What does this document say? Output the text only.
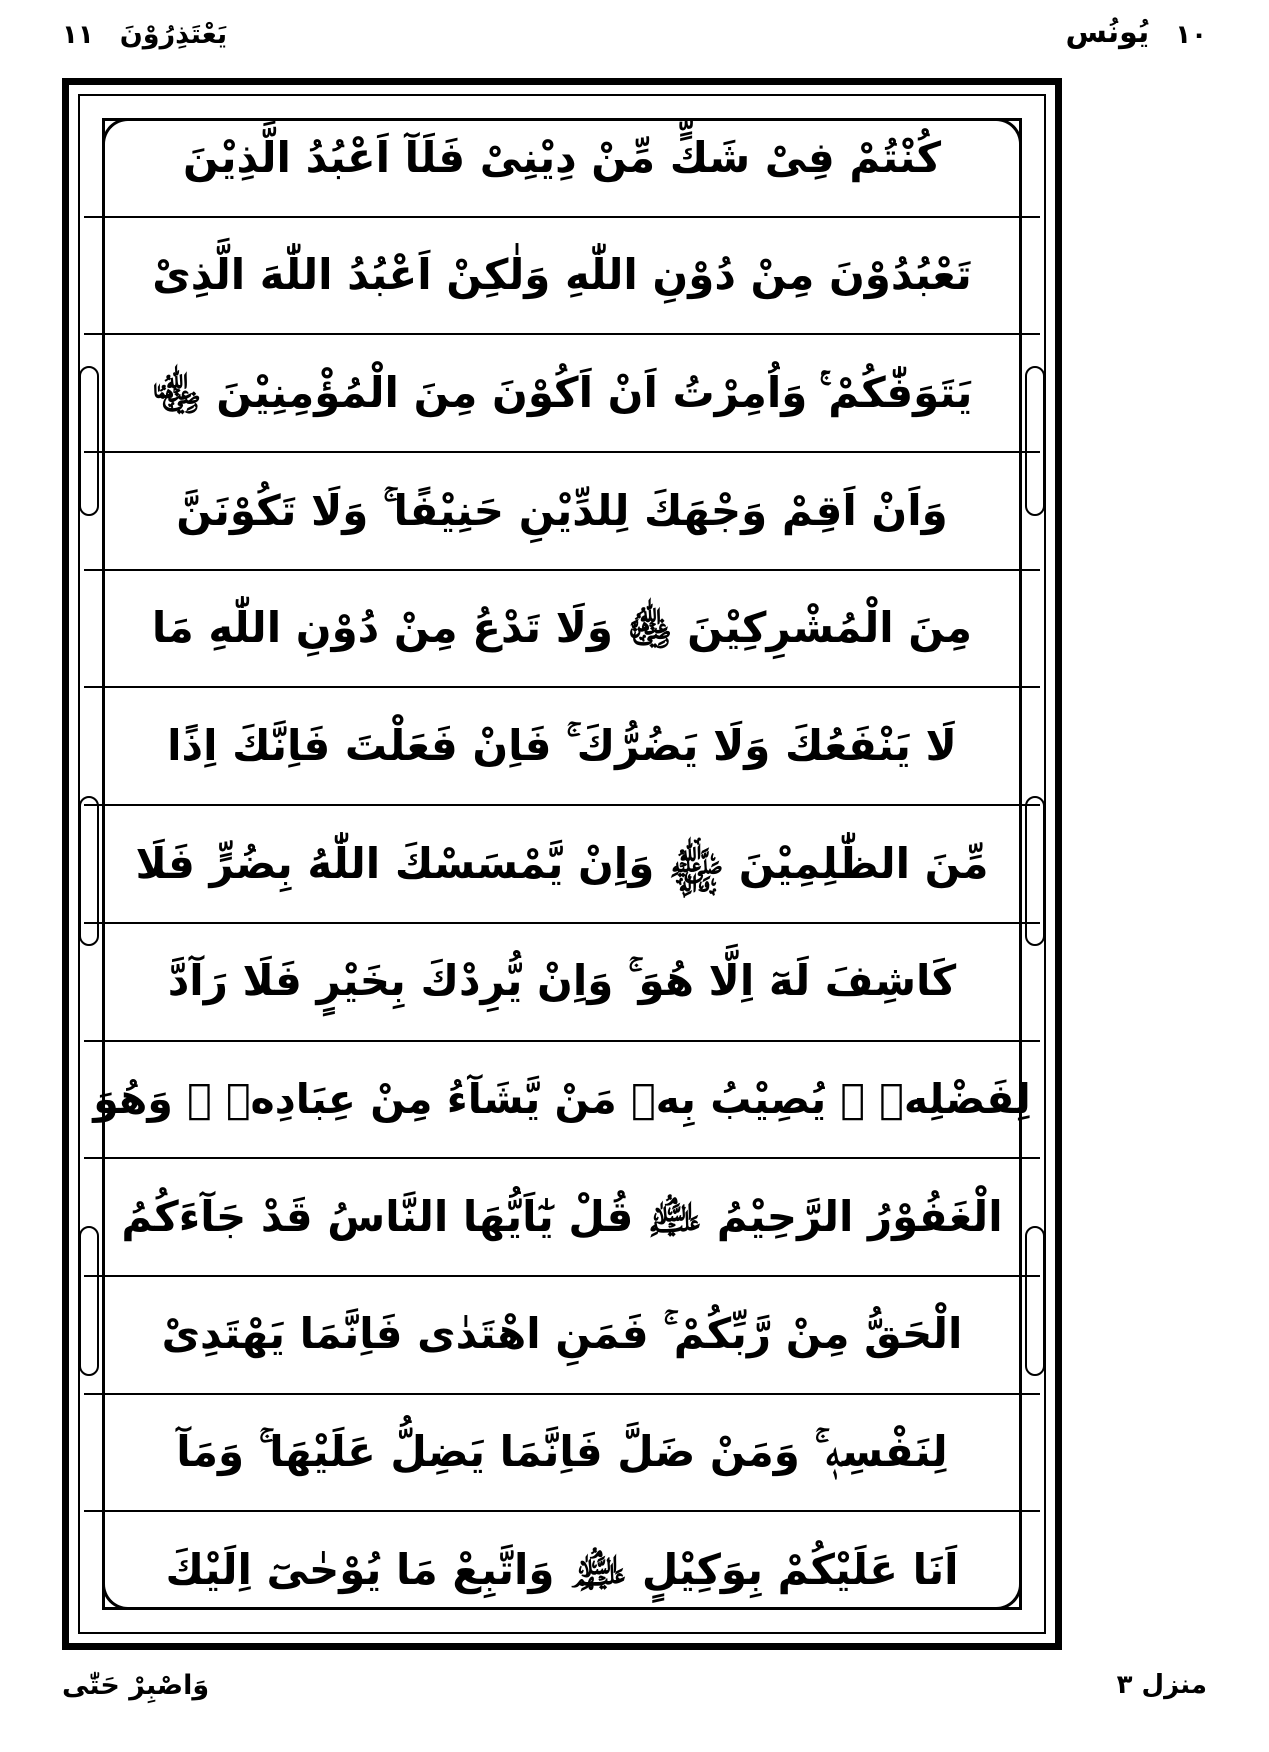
١٠
يُونُس
يَعْتَذِرُوْنَ
١١
كُنْتُمْ فِىْ شَكٍّ مِّنْ دِيْنِىْ فَلَآ اَعْبُدُ الَّذِيْنَ
تَعْبُدُوْنَ مِنْ دُوْنِ اللّٰهِ وَلٰكِنْ اَعْبُدُ اللّٰهَ الَّذِىْ
يَتَوَفّٰكُمْ ۚ وَاُمِرْتُ اَنْ اَكُوْنَ مِنَ الْمُؤْمِنِيْنَ ﵄
وَاَنْ اَقِمْ وَجْهَكَ لِلدِّيْنِ حَنِيْفًا ۚ وَلَا تَكُوْنَنَّ
مِنَ الْمُشْرِكِيْنَ ﵅ وَلَا تَدْعُ مِنْ دُوْنِ اللّٰهِ مَا
لَا يَنْفَعُكَ وَلَا يَضُرُّكَ ۚ فَاِنْ فَعَلْتَ فَاِنَّكَ اِذًا
مِّنَ الظّٰلِمِيْنَ ﵆ وَاِنْ يَّمْسَسْكَ اللّٰهُ بِضُرٍّ فَلَا
كَاشِفَ لَهٓ اِلَّا هُوَ ۚ وَاِنْ يُّرِدْكَ بِخَيْرٍ فَلَا رَآدَّ
لِفَضْلِهٖ ۗ يُصِيْبُ بِهٖ مَنْ يَّشَآءُ مِنْ عِبَادِهٖ ۗ وَهُوَ
الْغَفُوْرُ الرَّحِيْمُ ﵇ قُلْ يٰٓاَيُّهَا النَّاسُ قَدْ جَآءَكُمُ
الْحَقُّ مِنْ رَّبِّكُمْ ۚ فَمَنِ اهْتَدٰى فَاِنَّمَا يَهْتَدِىْ
لِنَفْسِهٖ ۚ وَمَنْ ضَلَّ فَاِنَّمَا يَضِلُّ عَلَيْهَا ۚ وَمَآ
اَنَا عَلَيْكُمْ بِوَكِيْلٍ ﵈ وَاتَّبِعْ مَا يُوْحٰىٓ اِلَيْكَ
منزل ٣
وَاصْبِرْ حَتّٰى
